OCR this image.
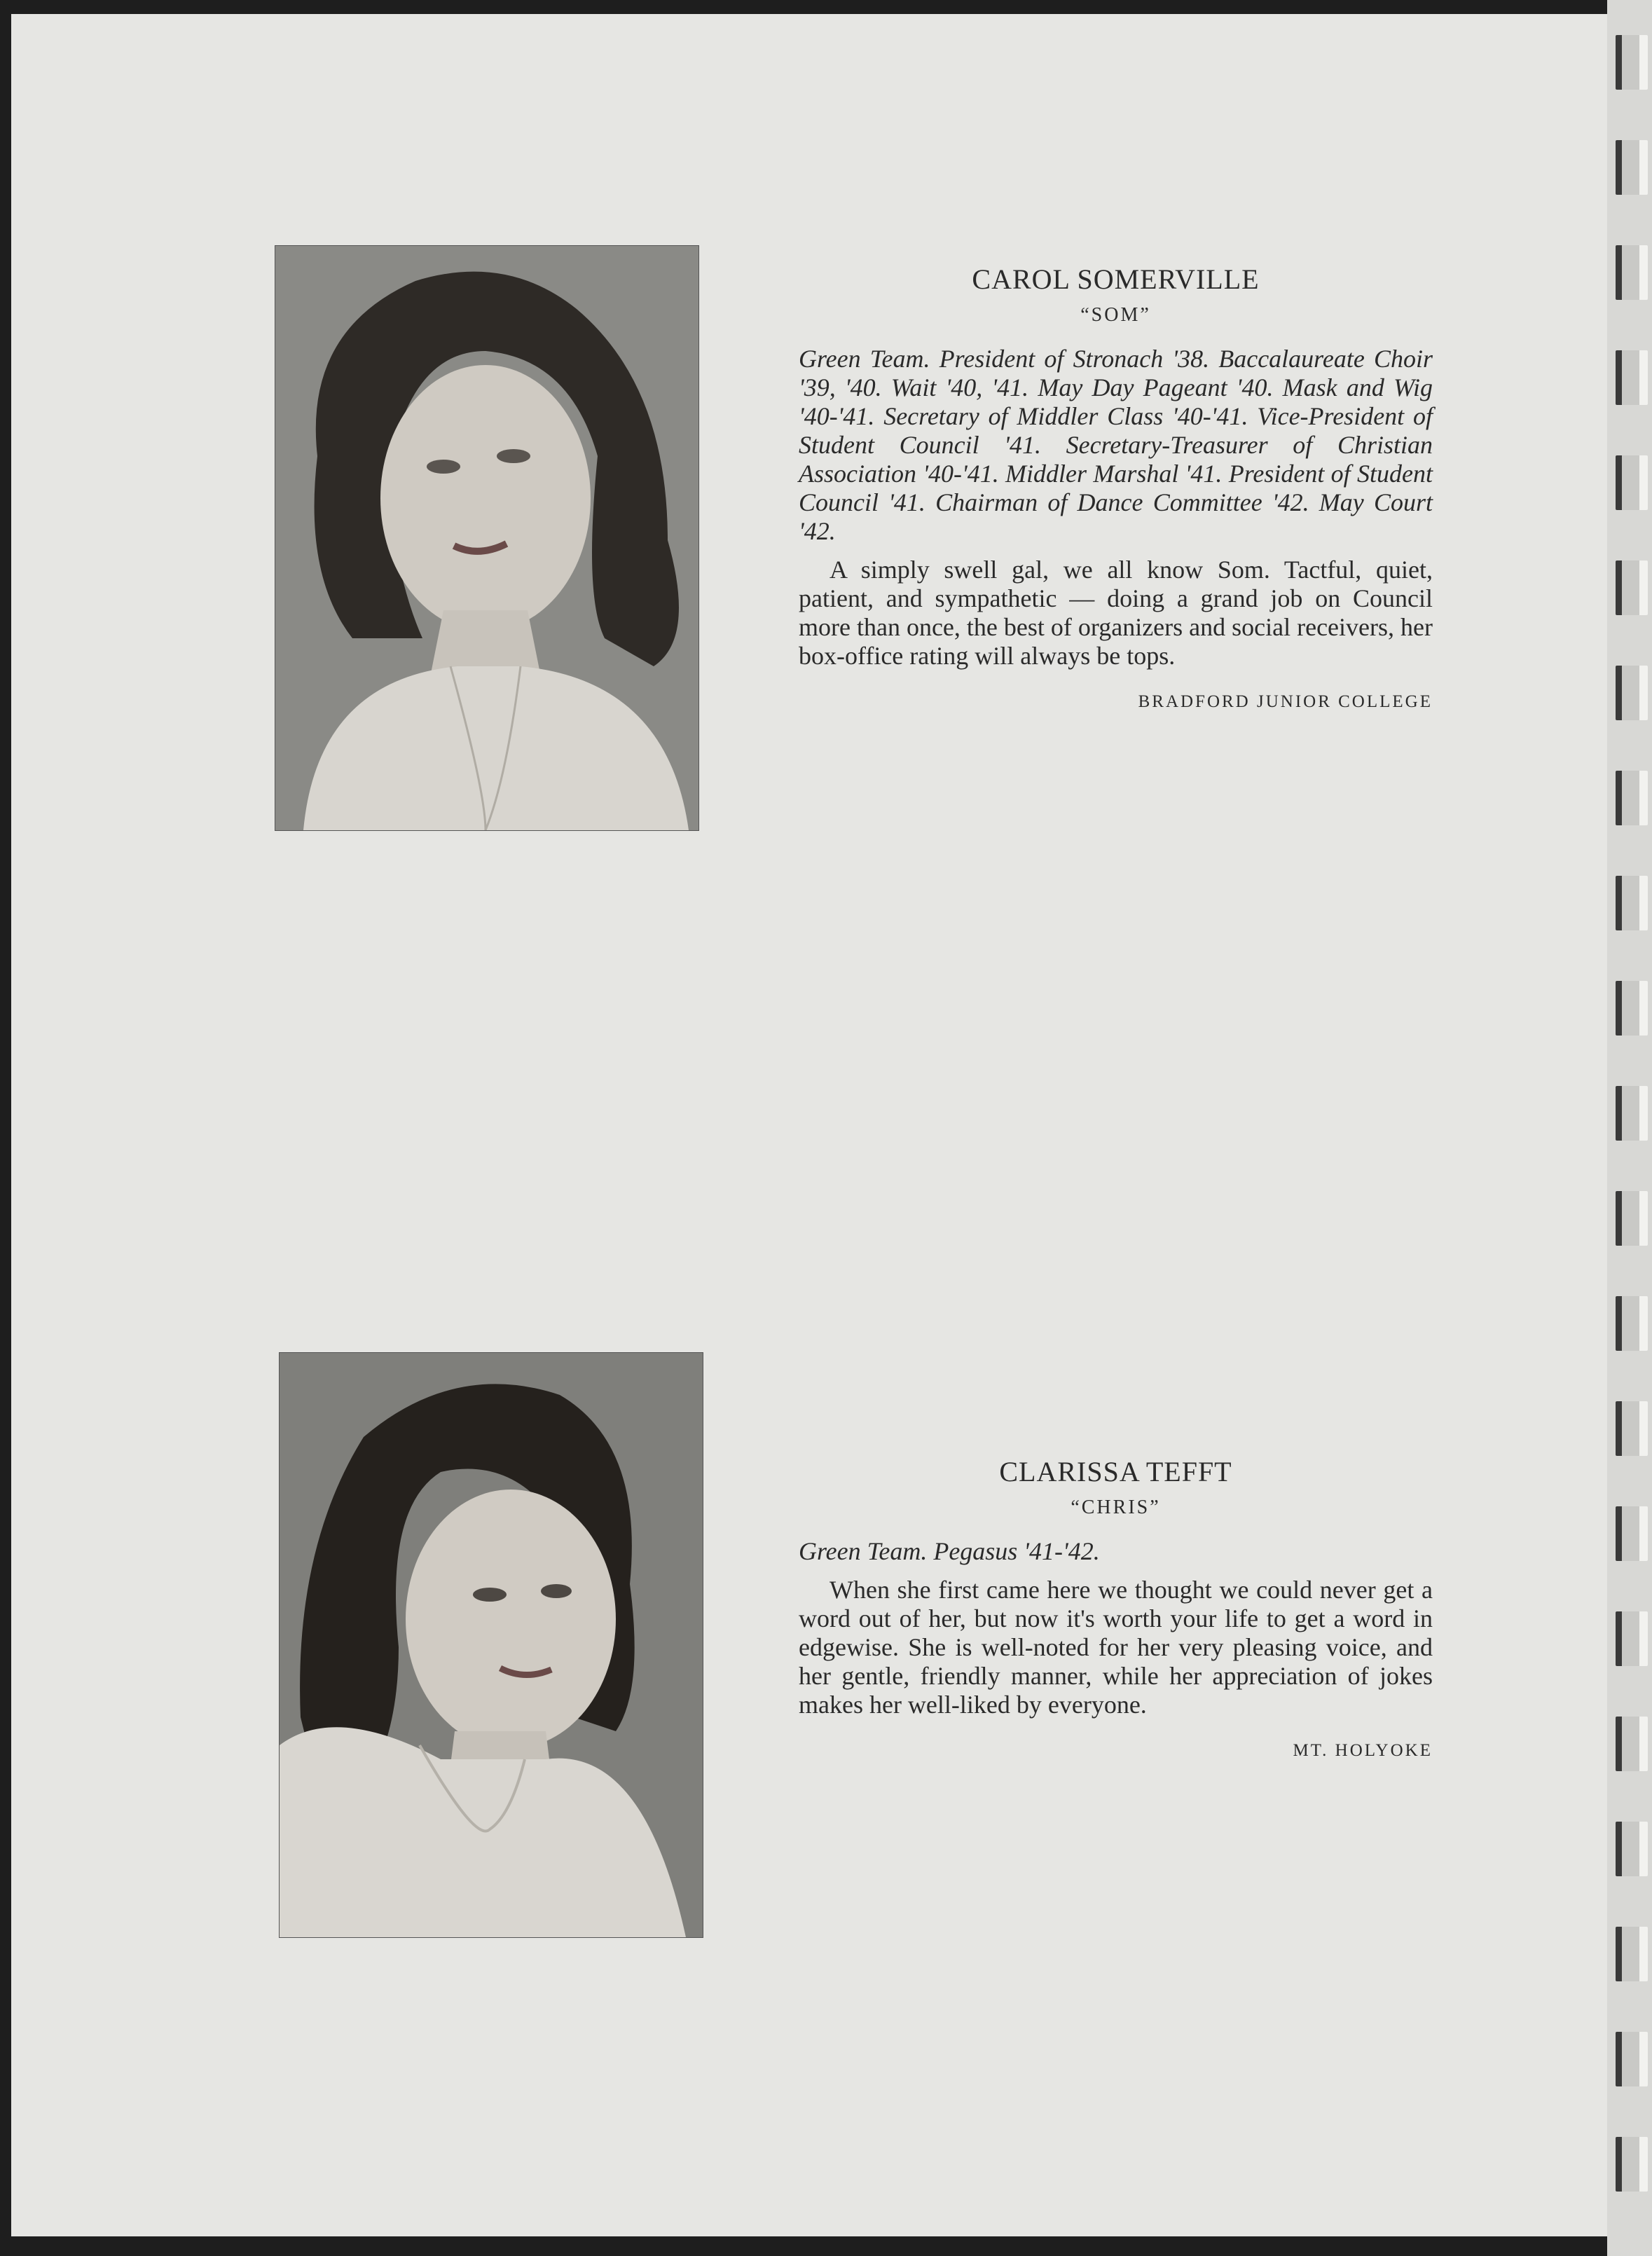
CAROL SOMERVILLE

“SOM”

Green Team. President of Stronach '38. Baccalaureate Choir '39, '40. Wait '40, '41. May Day Pageant '40. Mask and Wig '40-'41. Secretary of Middler Class '40-'41. Vice-President of Student Council '41. Secretary-Treasurer of Christian Association '40-'41. Middler Marshal '41. President of Student Council '41. Chairman of Dance Committee '42. May Court '42.

A simply swell gal, we all know Som. Tactful, quiet, patient, and sympathetic — doing a grand job on Council more than once, the best of organizers and social receivers, her box-office rating will always be tops.

BRADFORD JUNIOR COLLEGE

CLARISSA TEFFT

“CHRIS”

Green Team. Pegasus '41-'42.

When she first came here we thought we could never get a word out of her, but now it's worth your life to get a word in edgewise. She is well-noted for her very pleasing voice, and her gentle, friendly manner, while her appreciation of jokes makes her well-liked by everyone.

MT. HOLYOKE
